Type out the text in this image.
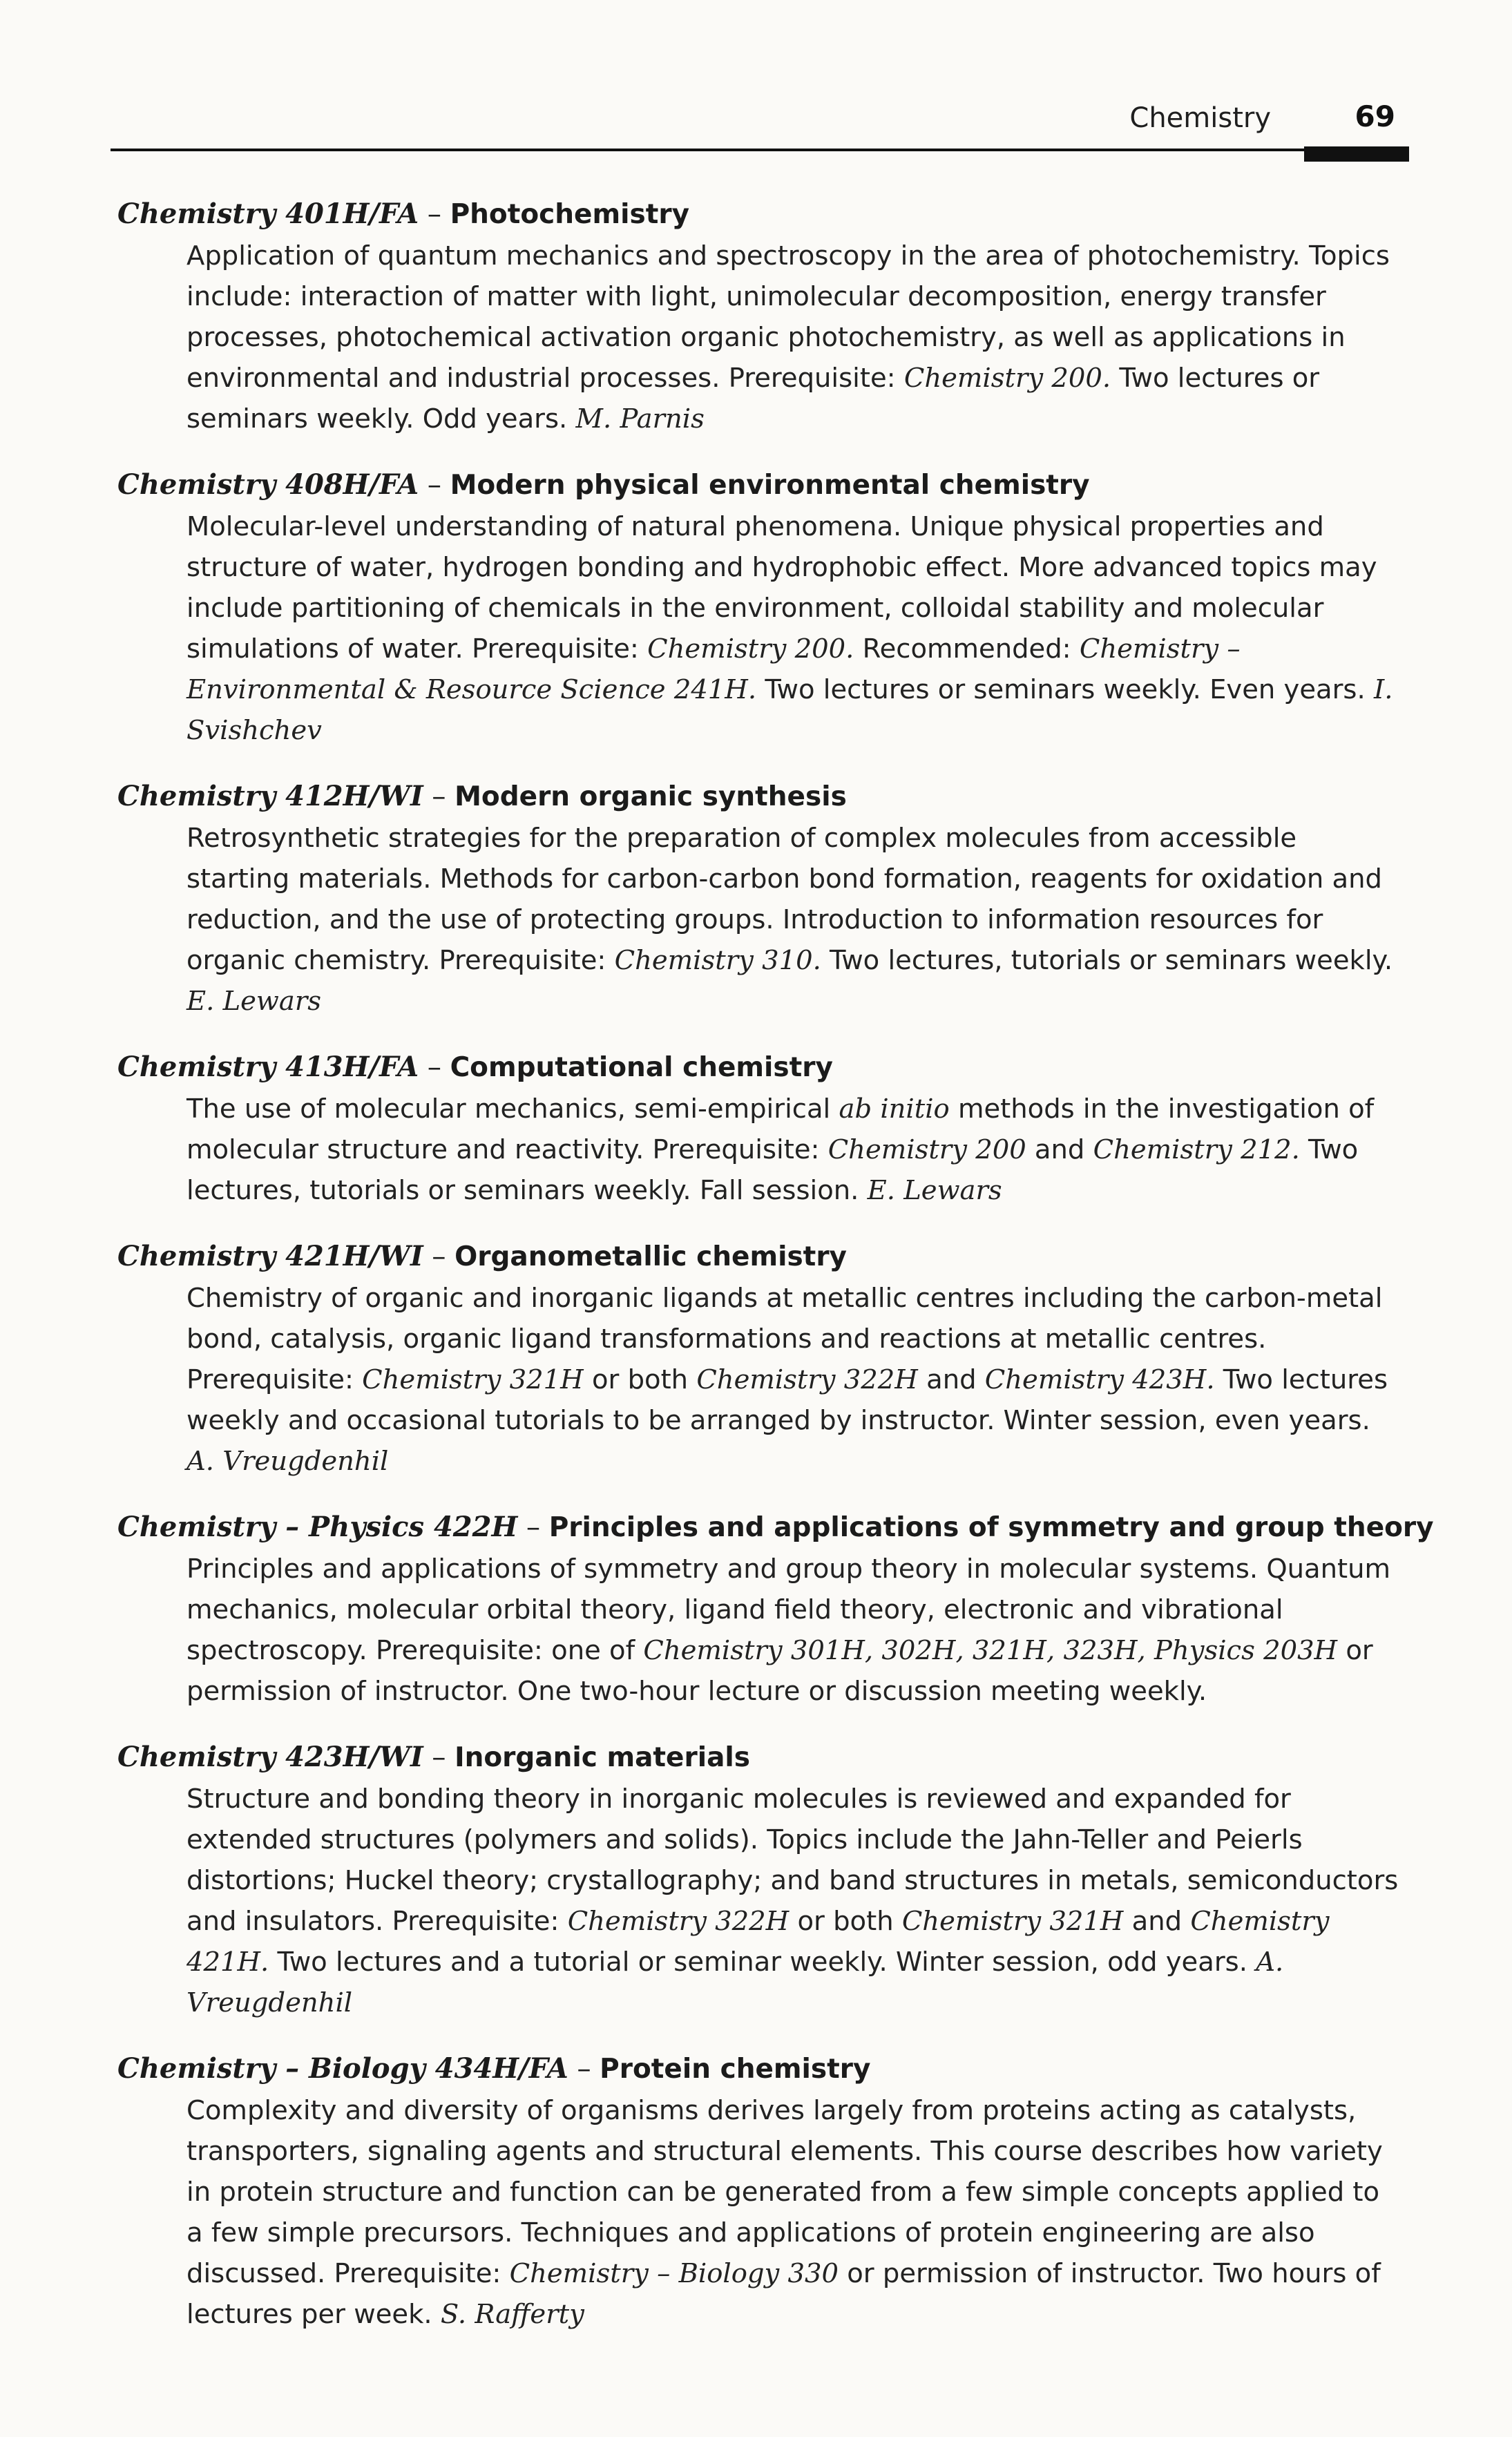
Chemistry	69
Chemistry 401H/FA – Photochemistry
Application of quantum mechanics and spectroscopy in the area of photochemistry. Topics include: interaction of matter with light, unimolecular decomposition, energy transfer processes, photochemical activation organic photochemistry, as well as applications in environmental and industrial processes. Prerequisite: Chemistry 200. Two lectures or seminars weekly. Odd years. M. Parnis
Chemistry 408H/FA – Modern physical environmental chemistry
Molecular-level understanding of natural phenomena. Unique physical properties and structure of water, hydrogen bonding and hydrophobic effect. More advanced topics may include partitioning of chemicals in the environment, colloidal stability and molecular simulations of water. Prerequisite: Chemistry 200. Recommended: Chemistry – Environmental & Resource Science 241H. Two lectures or seminars weekly. Even years. I. Svishchev
Chemistry 412H/WI – Modern organic synthesis
Retrosynthetic strategies for the preparation of complex molecules from accessible starting materials. Methods for carbon-carbon bond formation, reagents for oxidation and reduction, and the use of protecting groups. Introduction to information resources for organic chemistry. Prerequisite: Chemistry 310. Two lectures, tutorials or seminars weekly. E. Lewars
Chemistry 413H/FA – Computational chemistry
The use of molecular mechanics, semi-empirical ab initio methods in the investigation of molecular structure and reactivity. Prerequisite: Chemistry 200 and Chemistry 212. Two lectures, tutorials or seminars weekly. Fall session. E. Lewars
Chemistry 421H/WI – Organometallic chemistry
Chemistry of organic and inorganic ligands at metallic centres including the carbon-metal bond, catalysis, organic ligand transformations and reactions at metallic centres. Prerequisite: Chemistry 321H or both Chemistry 322H and Chemistry 423H. Two lectures weekly and occasional tutorials to be arranged by instructor. Winter session, even years. A. Vreugdenhil
Chemistry – Physics 422H – Principles and applications of symmetry and group theory
Principles and applications of symmetry and group theory in molecular systems. Quantum mechanics, molecular orbital theory, ligand field theory, electronic and vibrational spectroscopy. Prerequisite: one of Chemistry 301H, 302H, 321H, 323H, Physics 203H or permission of instructor. One two-hour lecture or discussion meeting weekly.
Chemistry 423H/WI – Inorganic materials
Structure and bonding theory in inorganic molecules is reviewed and expanded for extended structures (polymers and solids). Topics include the Jahn-Teller and Peierls distortions; Huckel theory; crystallography; and band structures in metals, semiconductors and insulators. Prerequisite: Chemistry 322H or both Chemistry 321H and Chemistry 421H. Two lectures and a tutorial or seminar weekly. Winter session, odd years. A. Vreugdenhil
Chemistry – Biology 434H/FA – Protein chemistry
Complexity and diversity of organisms derives largely from proteins acting as catalysts, transporters, signaling agents and structural elements. This course describes how variety in protein structure and function can be generated from a few simple concepts applied to a few simple precursors. Techniques and applications of protein engineering are also discussed. Prerequisite: Chemistry – Biology 330 or permission of instructor. Two hours of lectures per week. S. Rafferty
